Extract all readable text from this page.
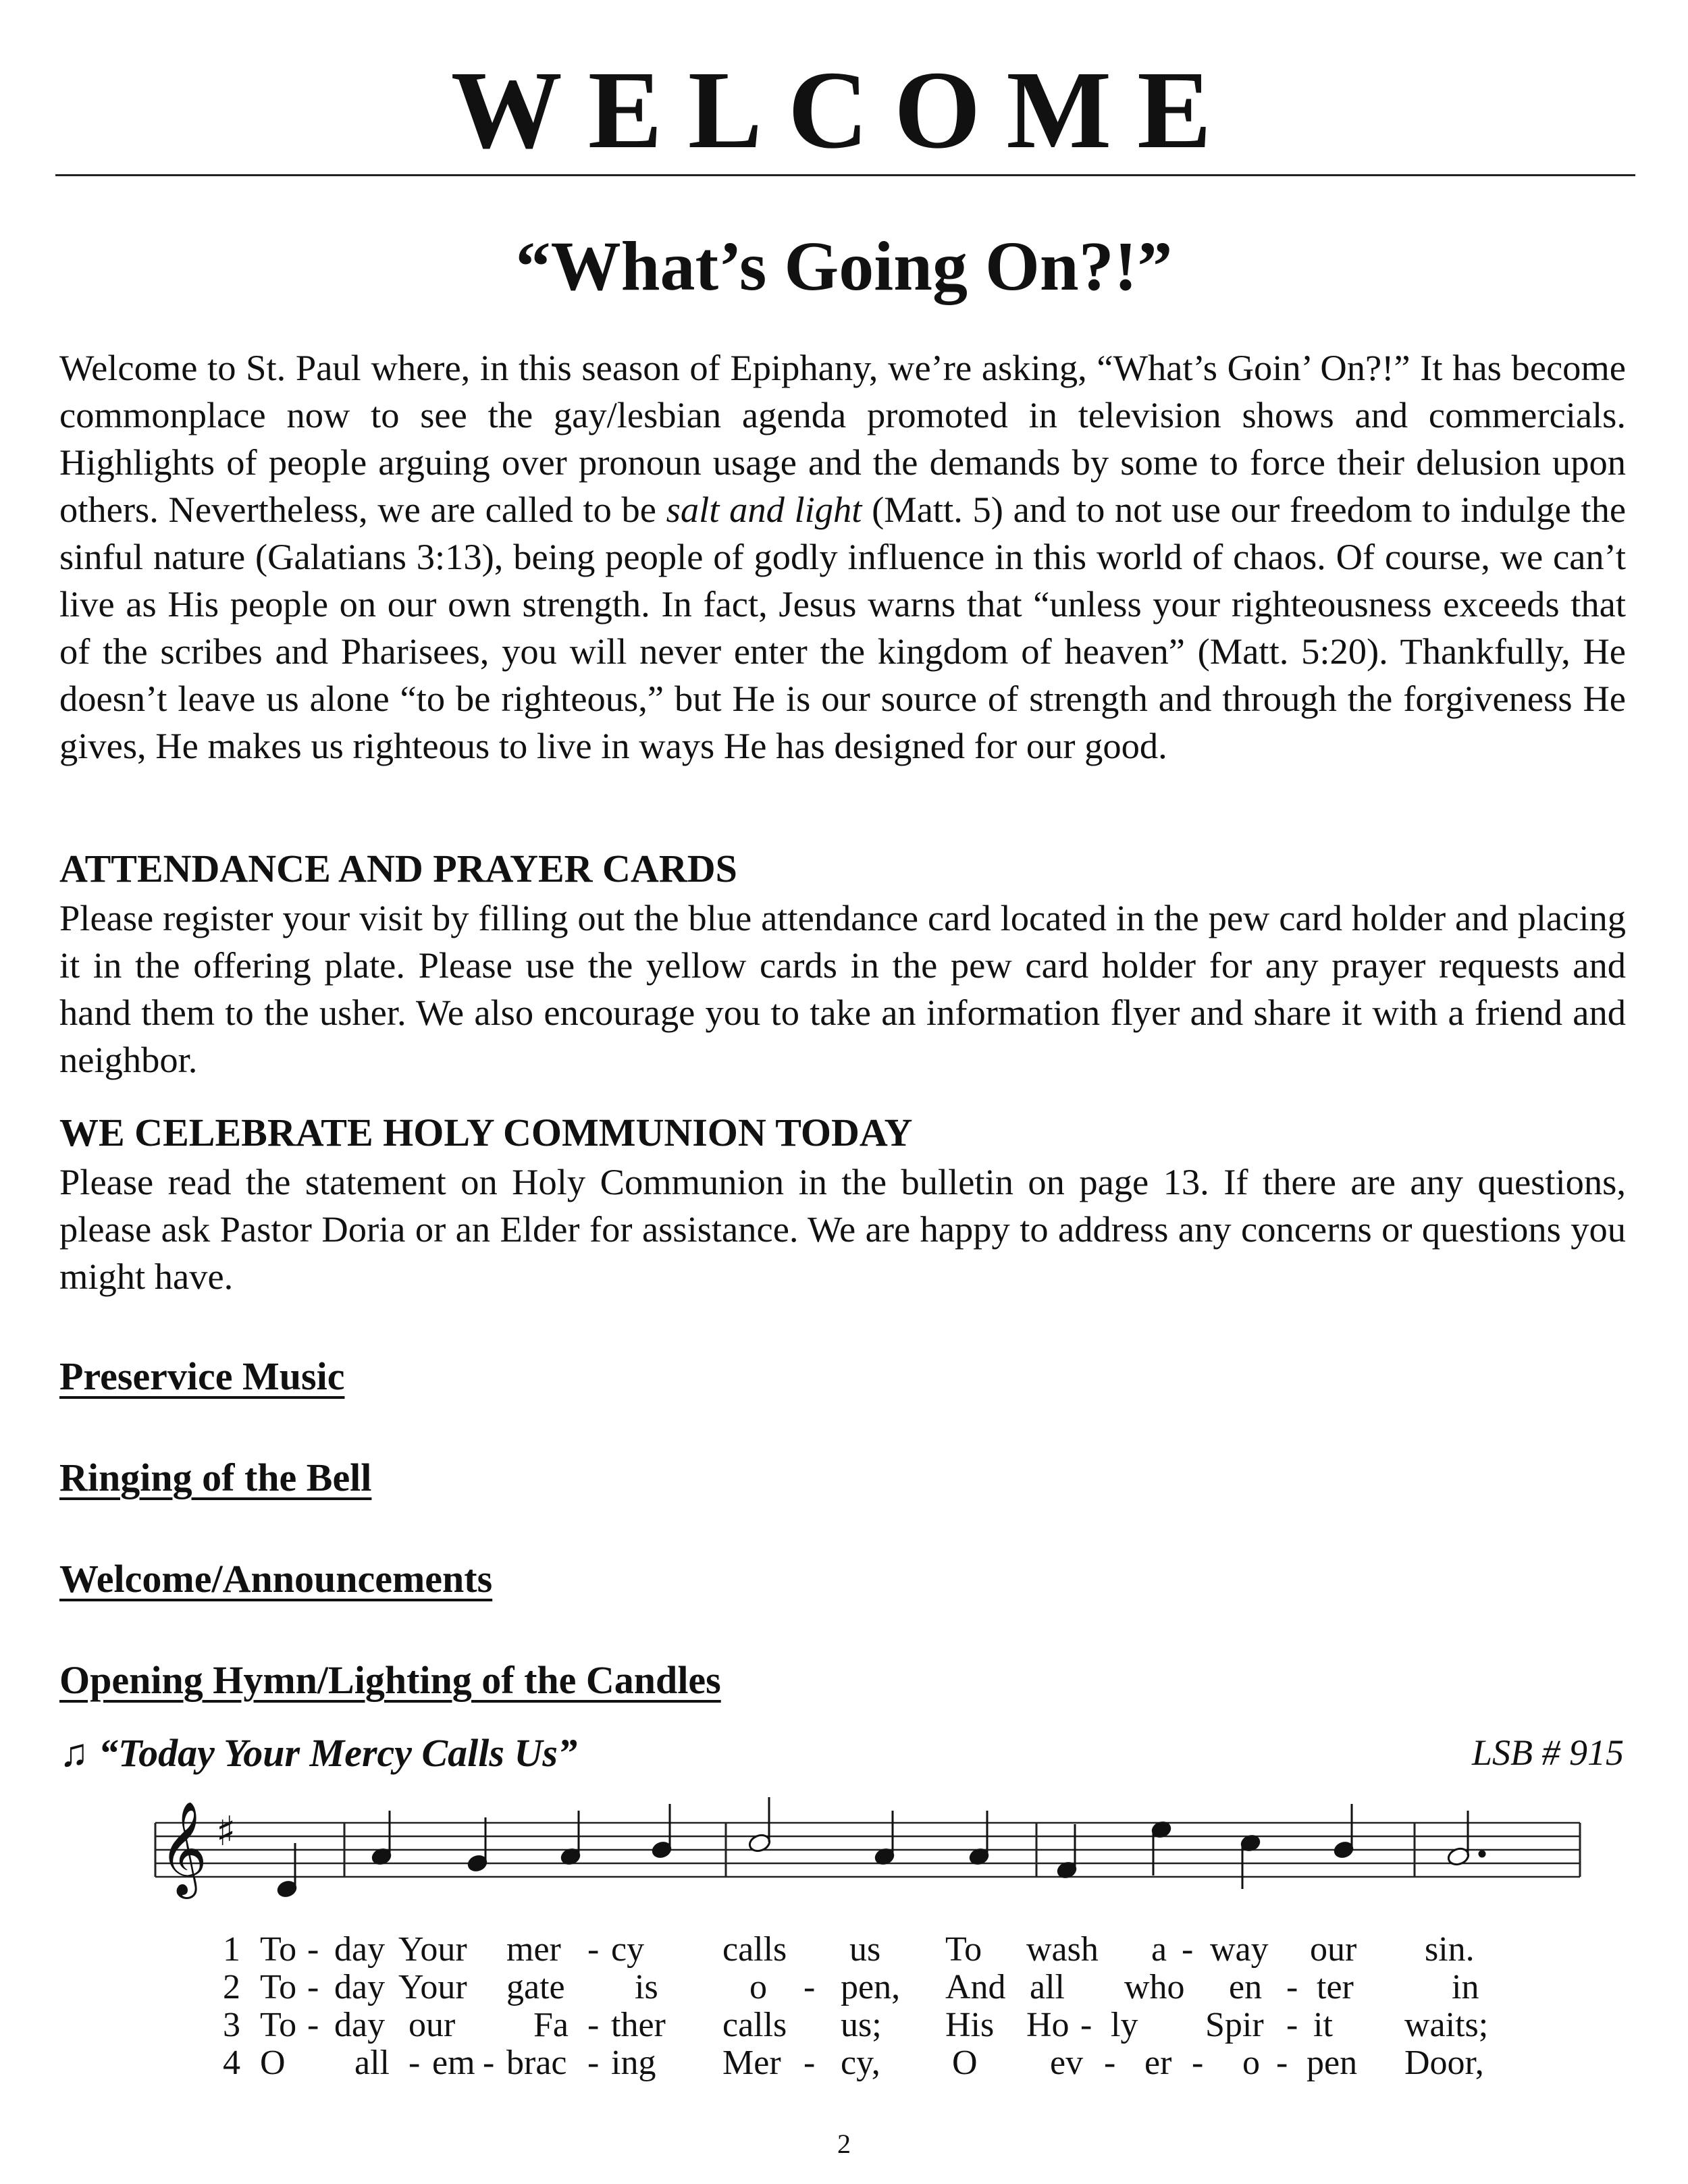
WELCOME
“What’s Going On?!”

Welcome to St. Paul where, in this season of Epiphany, we’re asking, “What’s Goin’ On?!” It has become commonplace now to see the gay/lesbian agenda promoted in television shows and commercials. Highlights of people arguing over pronoun usage and the demands by some to force their delusion upon others. Nevertheless, we are called to be salt and light (Matt. 5) and to not use our freedom to indulge the sinful nature (Galatians 3:13), being people of godly influence in this world of chaos. Of course, we can’t live as His people on our own strength. In fact, Jesus warns that “unless your righteousness exceeds that of the scribes and Pharisees, you will never enter the kingdom of heaven” (Matt. 5:20). Thankfully, He doesn’t leave us alone “to be righteous,” but He is our source of strength and through the forgiveness He gives, He makes us righteous to live in ways He has designed for our good.

ATTENDANCE AND PRAYER CARDS

Please register your visit by filling out the blue attendance card located in the pew card holder and placing it in the offering plate. Please use the yellow cards in the pew card holder for any prayer requests and hand them to the usher. We also encourage you to take an information flyer and share it with a friend and neighbor.

WE CELEBRATE HOLY COMMUNION TODAY

Please read the statement on Holy Communion in the bulletin on page 13. If there are any questions, please ask Pastor Doria or an Elder for assistance. We are happy to address any concerns or questions you might have.

Preservice Music
Ringing of the Bell
Welcome/Announcements
Opening Hymn/Lighting of the Candles
♫ “Today Your Mercy Calls Us”	LSB # 915
𝄞 ♯
1 To - day Your mer - cy calls us To wash a - way our sin.
2 To - day Your gate is	o - pen, And all who en - ter	in
3 To - day our Fa - ther calls us; His Ho - ly Spir - it waits;
4 O all - em - brac - ing Mer - cy, O ev - er - o - pen Door,
2
